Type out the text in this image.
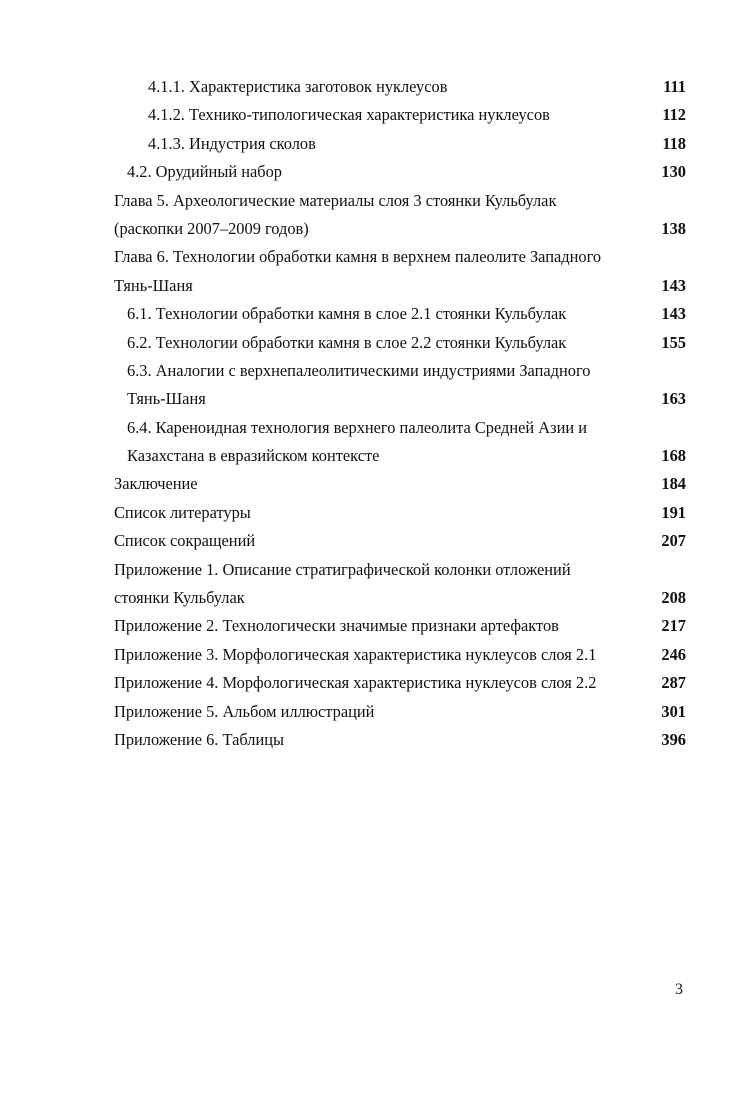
4.1.1. Характеристика заготовок нуклеусов	111
4.1.2. Технико-типологическая характеристика нуклеусов	112
4.1.3. Индустрия сколов	118
4.2. Орудийный набор	130
Глава 5. Археологические материалы слоя 3 стоянки Кульбулак
(раскопки 2007–2009 годов)	138
Глава 6. Технологии обработки камня в верхнем палеолите Западного
Тянь-Шаня	143
6.1. Технологии обработки камня в слое 2.1 стоянки Кульбулак	143
6.2. Технологии обработки камня в слое 2.2 стоянки Кульбулак	155
6.3. Аналогии с верхнепалеолитическими индустриями Западного
Тянь-Шаня	163
6.4. Кареноидная технология верхнего палеолита Средней Азии и
Казахстана в евразийском контексте	168
Заключение	184
Список литературы	191
Список сокращений	207
Приложение 1. Описание стратиграфической колонки отложений
стоянки Кульбулак	208
Приложение 2. Технологически значимые признаки артефактов	217
Приложение 3. Морфологическая характеристика нуклеусов слоя 2.1	246
Приложение 4. Морфологическая характеристика нуклеусов слоя 2.2	287
Приложение 5. Альбом иллюстраций	301
Приложение 6. Таблицы	396
3
